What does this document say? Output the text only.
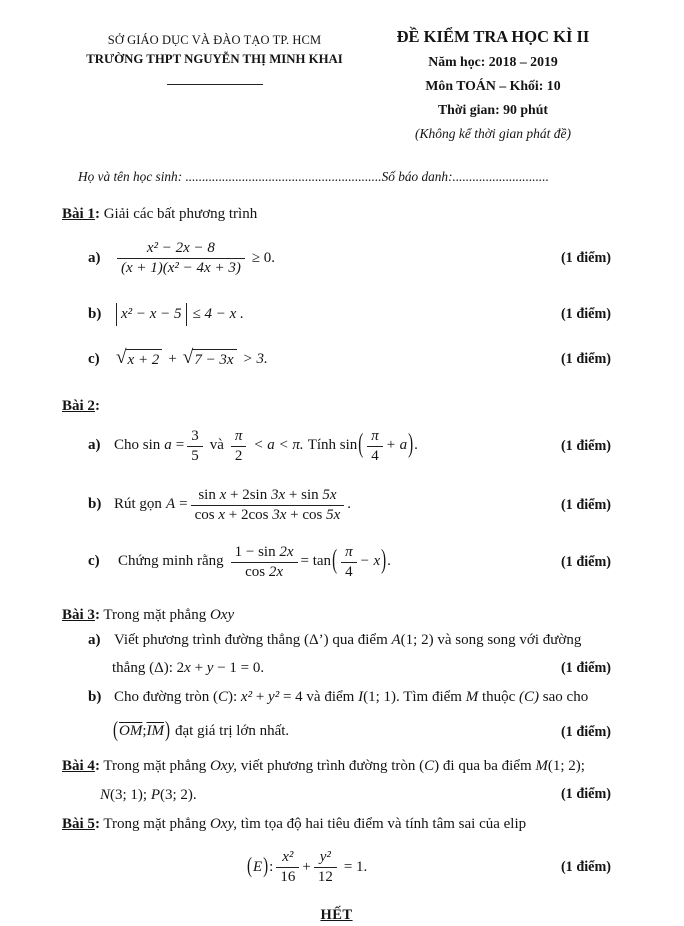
SỞ GIÁO DỤC VÀ ĐÀO TẠO TP. HCM
TRƯỜNG THPT NGUYỄN THỊ MINH KHAI
ĐỀ KIỂM TRA HỌC KÌ II
Năm học: 2018 – 2019
Môn TOÁN – Khối: 10
Thời gian: 90 phút
(Không kể thời gian phát đề)
Họ và tên học sinh: ...........................................................Số báo danh:.............................
Bài 1: Giải các bất phương trình
a)	$\frac{\text{x² − 2x − 8}}{\text{(x + 1)(x² − 4x + 3)}} \ge 0$.	(1 điểm)
b)	x² − x − 5 ≤ 4 − x .	(1 điểm)
c) √ x + 2 + √ 7 − 3x > 3.	(1 điểm)
Bài 2:
a) Cho $\sin a = \frac{3}{5}$ và
π
2
< a < π. Tính sin ( π
4
+ a ) .	(1 điểm)
b) Rút gọn $A = \frac{\text{sin x + 2sin 3x + sin 5x}}{\text{cos x + 2cos 3x + cos 5x}}$ .	(1 điểm)
c)	Chứng minh rằng $\frac{1 - \sin 2x}{\cos 2x} = \tan$ ( π
4
− x ) .	(1 điểm)
Bài 3: Trong mặt phẳng Oxy
a) Viết phương trình đường thẳng (Δ’) qua điểm A(1; 2) và song song với đường
thẳng (Δ): 2x + y − 1 = 0.	(1 điểm)
b) Cho đường tròn (C): x² + y² = 4 và điểm I(1; 1). Tìm điểm M thuộc (C) sao cho
( $\overline{OM}$ ; $\overline{IM}$ ) đạt giá trị lớn nhất.	(1 điểm)
Bài 4: Trong mặt phẳng Oxy, viết phương trình đường tròn (C) đi qua ba điểm M(1; 2);
N(3; 1); P(3; 2).	(1 điểm)
Bài 5: Trong mặt phẳng Oxy, tìm tọa độ hai tiêu điểm và tính tâm sai của elip
( E ) :
x²
16
+ $\frac{\text{y²}}{12} = 1$.	(1 điểm)
HẾT
